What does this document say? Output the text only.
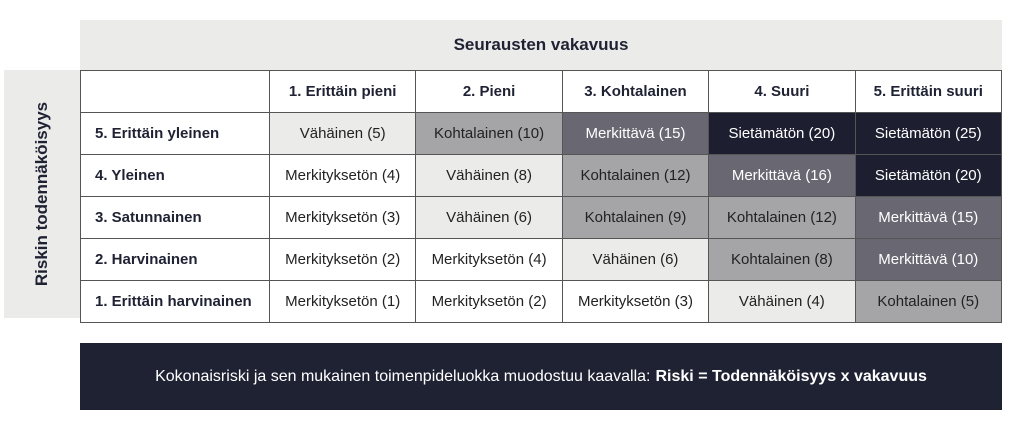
Riskin todennäköisyys
Seurausten vakavuus
	1. Erittäin pieni	2. Pieni	3. Kohtalainen	4. Suuri	5. Erittäin suuri
5. Erittäin yleinen	Vähäinen (5)	Kohtalainen (10)	Merkittävä (15)	Sietämätön (20)	Sietämätön (25)
4. Yleinen	Merkityksetön (4)	Vähäinen (8)	Kohtalainen (12)	Merkittävä (16)	Sietämätön (20)
3. Satunnainen	Merkityksetön (3)	Vähäinen (6)	Kohtalainen (9)	Kohtalainen (12)	Merkittävä (15)
2. Harvinainen	Merkityksetön (2)	Merkityksetön (4)	Vähäinen (6)	Kohtalainen (8)	Merkittävä (10)
1. Erittäin harvinainen	Merkityksetön (1)	Merkityksetön (2)	Merkityksetön (3)	Vähäinen (4)	Kohtalainen (5)
Kokonaisriski ja sen mukainen toimenpideluokka muodostuu kaavalla: Riski = Todennäköisyys x vakavuus
